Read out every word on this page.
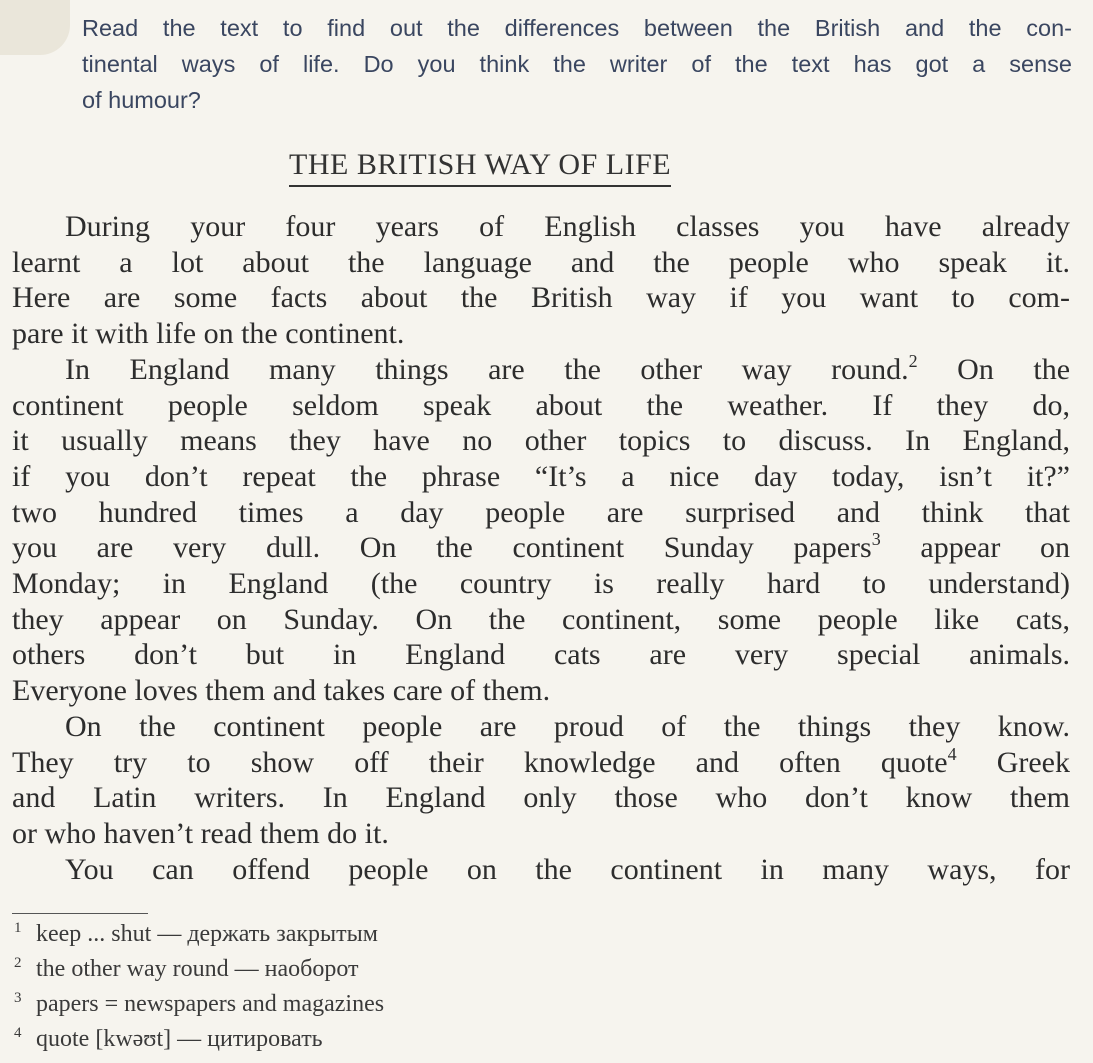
Read the text to find out the differences between the British and the con-
tinental ways of life. Do you think the writer of the text has got a sense
of humour?
THE BRITISH WAY OF LIFE
During your four years of English classes you have already
learnt a lot about the language and the people who speak it.
Here are some facts about the British way if you want to com-
pare it with life on the continent.
In England many things are the other way round.$^2$ On the
continent people seldom speak about the weather. If they do,
it usually means they have no other topics to discuss. In England,
if you don’t repeat the phrase “It’s a nice day today, isn’t it?”
two hundred times a day people are surprised and think that
you are very dull. On the continent Sunday papers$^3$ appear on
Monday; in England (the country is really hard to understand)
they appear on Sunday. On the continent, some people like cats,
others don’t but in England cats are very special animals.
Everyone loves them and takes care of them.
On the continent people are proud of the things they know.
They try to show off their knowledge and often quote$^4$ Greek
and Latin writers. In England only those who don’t know them
or who haven’t read them do it.
You can offend people on the continent in many ways, for
1 keep ... shut — держать закрытым
2 the other way round — наоборот
3 papers = newspapers and magazines
4 quote [kwəʊt] — цитировать
